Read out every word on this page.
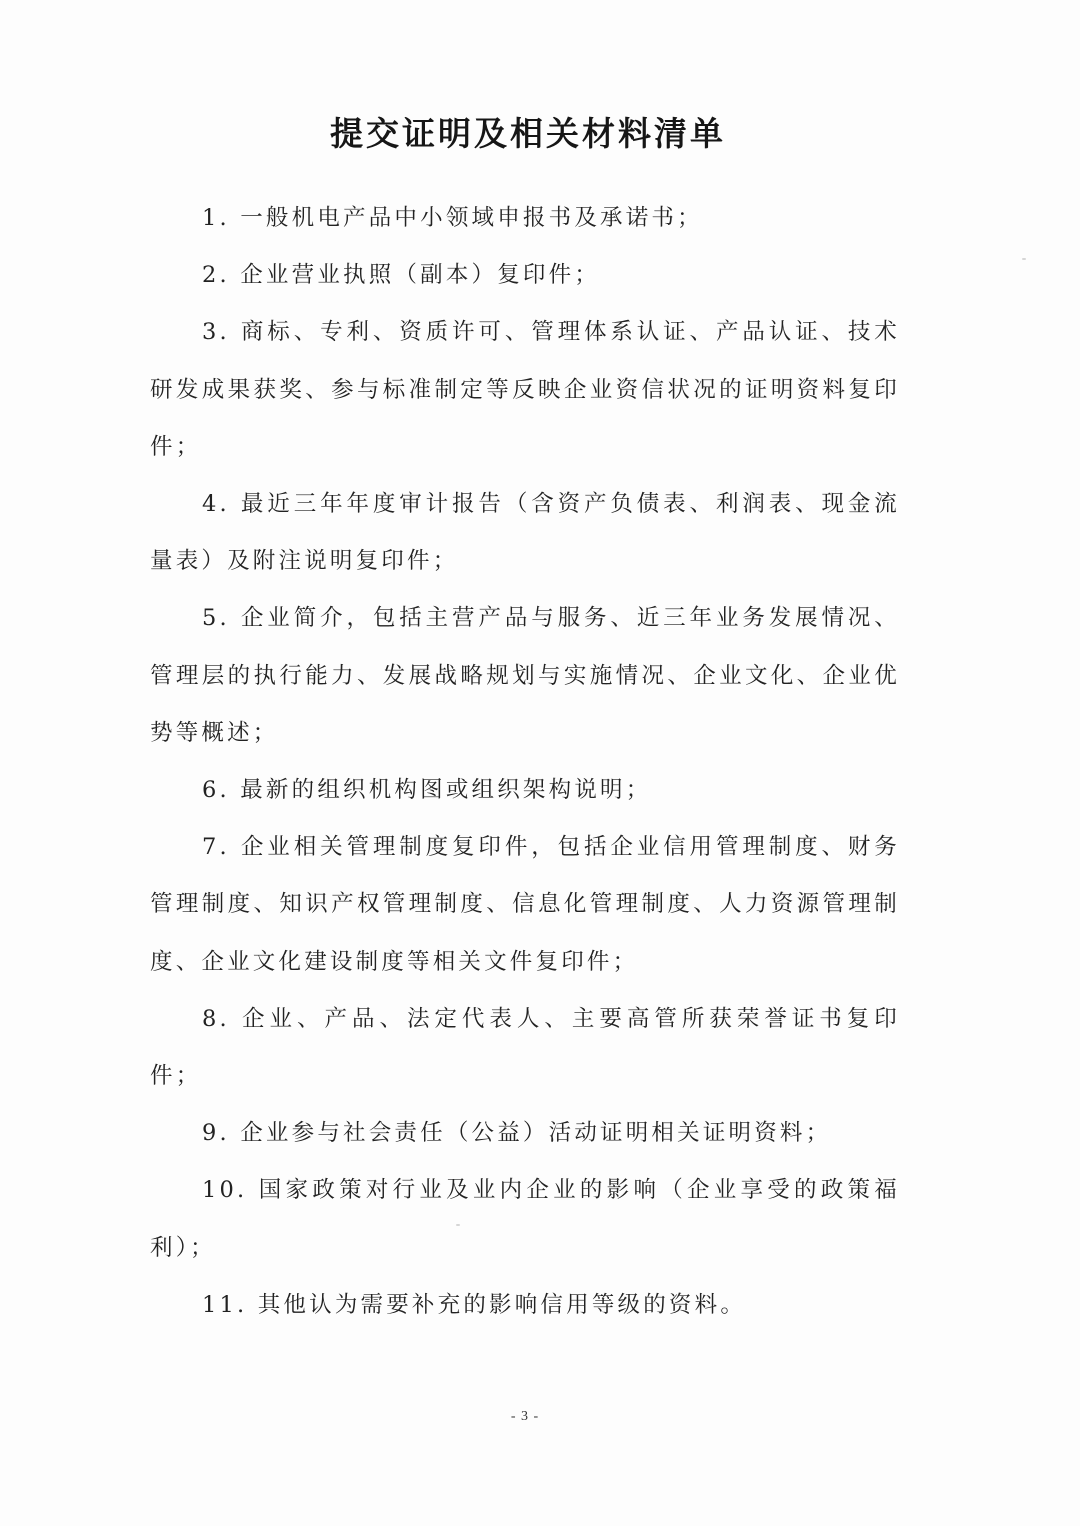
提交证明及相关材料清单

1. 一般机电产品中小领域申报书及承诺书；

2. 企业营业执照（副本）复印件；

3. 商标、专利、资质许可、管理体系认证、产品认证、技术研发成果获奖、参与标准制定等反映企业资信状况的证明资料复印件；

4. 最近三年年度审计报告（含资产负债表、利润表、现金流量表）及附注说明复印件；

5. 企业简介，包括主营产品与服务、近三年业务发展情况、管理层的执行能力、发展战略规划与实施情况、企业文化、企业优势等概述；

6. 最新的组织机构图或组织架构说明；

7. 企业相关管理制度复印件，包括企业信用管理制度、财务管理制度、知识产权管理制度、信息化管理制度、人力资源管理制度、企业文化建设制度等相关文件复印件；

8. 企业、产品、法定代表人、主要高管所获荣誉证书复印件；

9. 企业参与社会责任（公益）活动证明相关证明资料；

10. 国家政策对行业及业内企业的影响（企业享受的政策福利）；

11. 其他认为需要补充的影响信用等级的资料。

- 3 -
